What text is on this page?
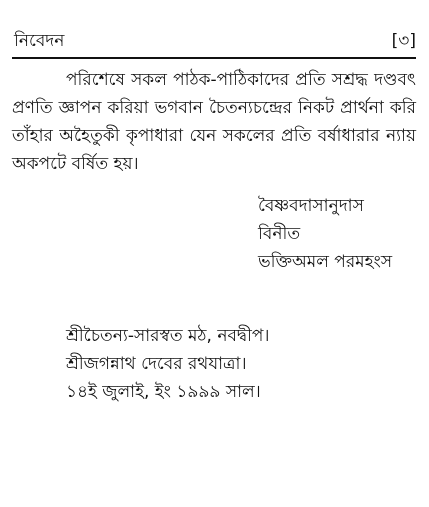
নিবেদন	[৩]

পরিশেষে সকল পাঠক-পাঠিকাদের প্রতি সশ্রদ্ধ দণ্ডবৎ প্রণতি জ্ঞাপন করিয়া ভগবান চৈতন্যচন্দ্রের নিকট প্রার্থনা করি তাঁহার অহৈতুকী কৃপাধারা যেন সকলের প্রতি বর্ষাধারার ন্যায় অকপটে বর্ষিত হয়।

বৈষ্ণবদাসানুদাস
বিনীত
ভক্তিঅমল পরমহংস
শ্রীচৈতন্য-সারস্বত মঠ, নবদ্বীপ।
শ্রীজগন্নাথ দেবের রথযাত্রা।
১৪ই জুলাই, ইং ১৯৯৯ সাল।
